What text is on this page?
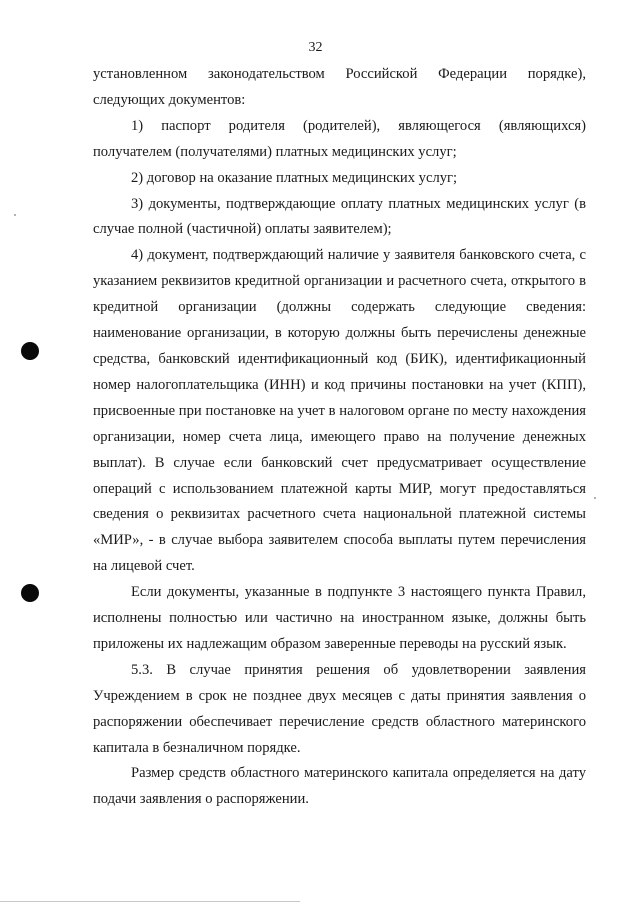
32

установленном законодательством Российской Федерации порядке), следующих документов:

1) паспорт родителя (родителей), являющегося (являющихся) получателем (получателями) платных медицинских услуг;

2) договор на оказание платных медицинских услуг;

3) документы, подтверждающие оплату платных медицинских услуг (в случае полной (частичной) оплаты заявителем);

4) документ, подтверждающий наличие у заявителя банковского счета, с указанием реквизитов кредитной организации и расчетного счета, открытого в кредитной организации (должны содержать следующие сведения: наименование организации, в которую должны быть перечислены денежные средства, банковский идентификационный код (БИК), идентификационный номер налогоплательщика (ИНН) и код причины постановки на учет (КПП), присвоенные при постановке на учет в налоговом органе по месту нахождения организации, номер счета лица, имеющего право на получение денежных выплат). В случае если банковский счет предусматривает осуществление операций с использованием платежной карты МИР, могут предоставляться сведения о реквизитах расчетного счета национальной платежной системы «МИР», - в случае выбора заявителем способа выплаты путем перечисления на лицевой счет.

Если документы, указанные в подпункте 3 настоящего пункта Правил, исполнены полностью или частично на иностранном языке, должны быть приложены их надлежащим образом заверенные переводы на русский язык.

5.3. В случае принятия решения об удовлетворении заявления Учреждением в срок не позднее двух месяцев с даты принятия заявления о распоряжении обеспечивает перечисление средств областного материнского капитала в безналичном порядке.

Размер средств областного материнского капитала определяется на дату подачи заявления о распоряжении.
